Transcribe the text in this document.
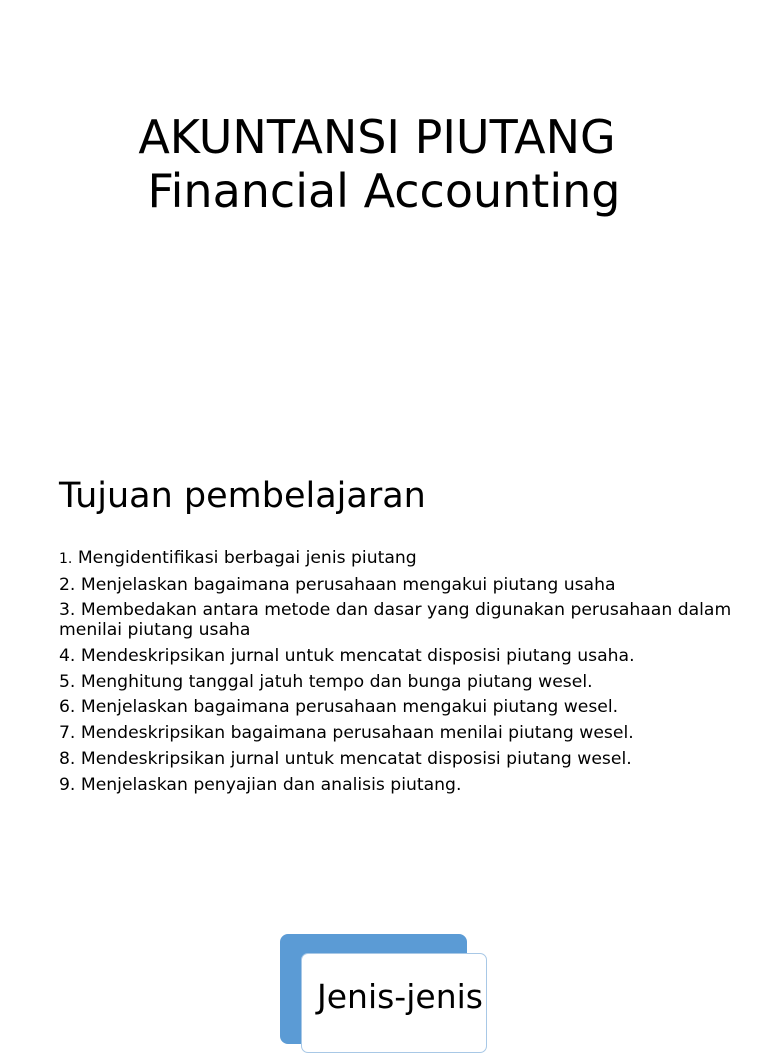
AKUNTANSI PIUTANG
Financial Accounting
Tujuan pembelajaran
1. Mengidentifikasi berbagai jenis piutang
2. Menjelaskan bagaimana perusahaan mengakui piutang usaha
3. Membedakan antara metode dan dasar yang digunakan perusahaan dalam menilai piutang usaha
4. Mendeskripsikan jurnal untuk mencatat disposisi piutang usaha.
5. Menghitung tanggal jatuh tempo dan bunga piutang wesel.
6. Menjelaskan bagaimana perusahaan mengakui piutang wesel.
7. Mendeskripsikan bagaimana perusahaan menilai piutang wesel.
8. Mendeskripsikan jurnal untuk mencatat disposisi piutang wesel.
9. Menjelaskan penyajian dan analisis piutang.
Jenis-jenis
